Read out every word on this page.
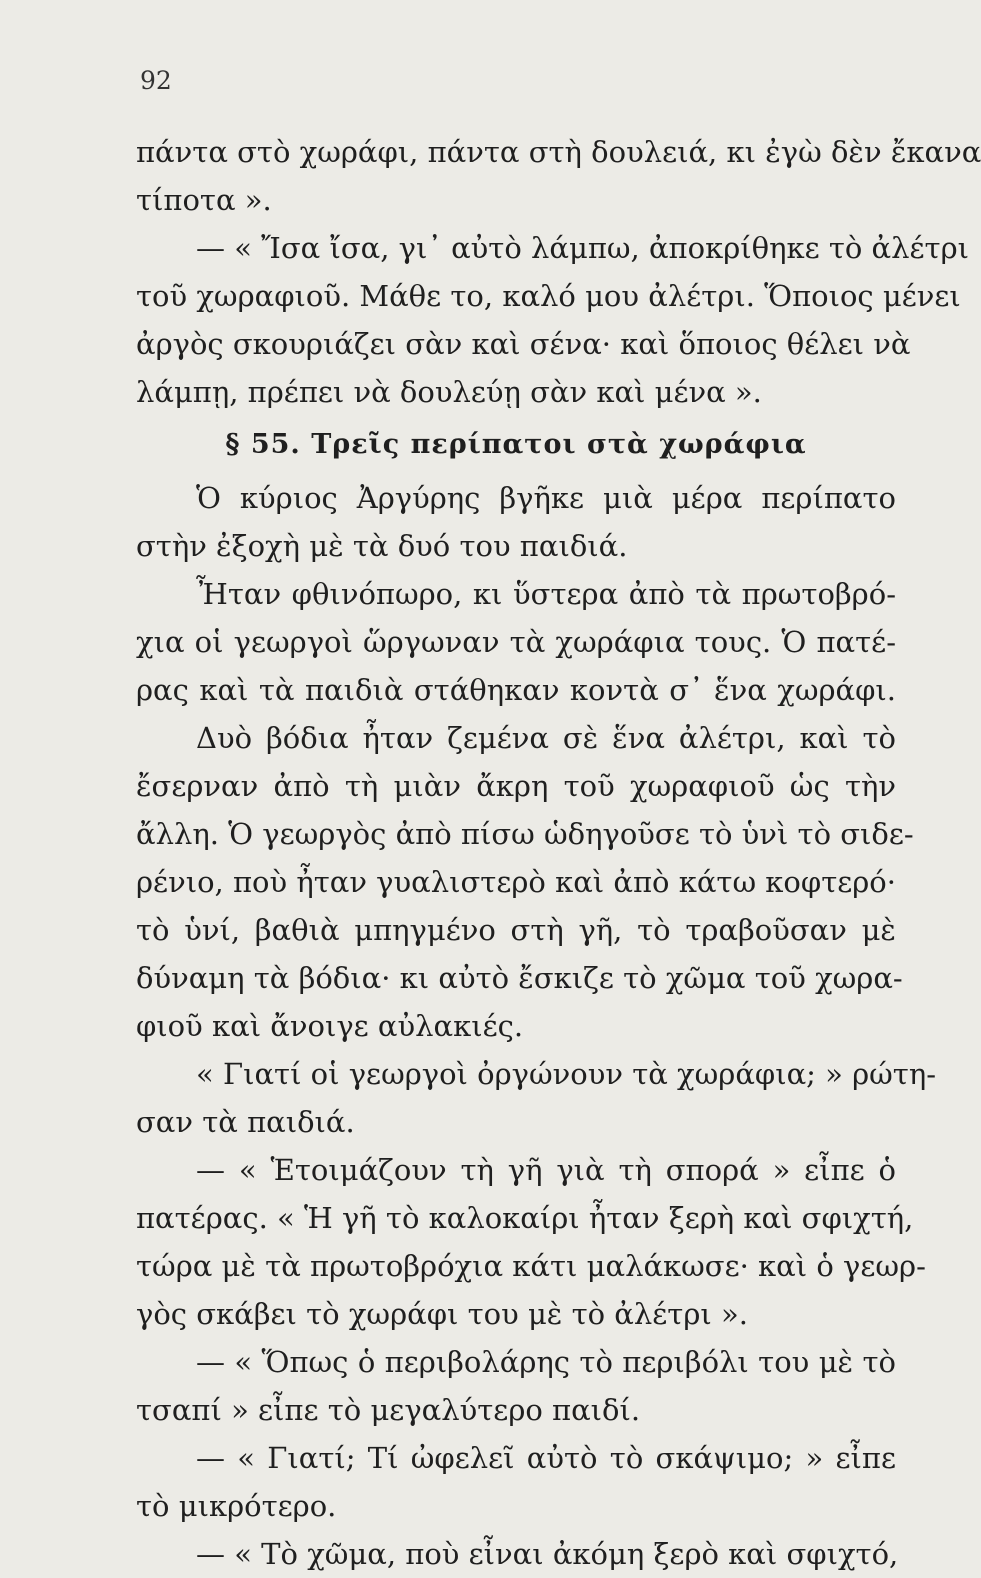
92
πάντα στὸ χωράφι, πάντα στὴ δουλειά, κι ἐγὼ δὲν ἔκανα
τίποτα ».
— « Ἴσα ἴσα, γι᾿ αὐτὸ λάμπω, ἀποκρίθηκε τὸ ἀλέτρι
τοῦ χωραφιοῦ. Μάθε το, καλό μου ἀλέτρι. Ὅποιος μένει
ἀργὸς σκουριάζει σὰν καὶ σένα· καὶ ὅποιος θέλει νὰ
λάμπῃ, πρέπει νὰ δουλεύῃ σὰν καὶ μένα ».
§ 55. Τρεῖς περίπατοι στὰ χωράφια
Ὁ κύριος Ἀργύρης βγῆκε μιὰ μέρα περίπατο
στὴν ἐξοχὴ μὲ τὰ δυό του παιδιά.
Ἦταν φθινόπωρο, κι ὕστερα ἀπὸ τὰ πρωτοβρό-
χια οἱ γεωργοὶ ὥργωναν τὰ χωράφια τους. Ὁ πατέ-
ρας καὶ τὰ παιδιὰ στάθηκαν κοντὰ σ᾿ ἕνα χωράφι.
Δυὸ βόδια ἦταν ζεμένα σὲ ἕνα ἀλέτρι, καὶ τὸ
ἔσερναν ἀπὸ τὴ μιὰν ἄκρη τοῦ χωραφιοῦ ὡς τὴν
ἄλλη. Ὁ γεωργὸς ἀπὸ πίσω ὡδηγοῦσε τὸ ὑνὶ τὸ σιδε-
ρένιο, ποὺ ἦταν γυαλιστερὸ καὶ ἀπὸ κάτω κοφτερό·
τὸ ὑνί, βαθιὰ μπηγμένο στὴ γῆ, τὸ τραβοῦσαν μὲ
δύναμη τὰ βόδια· κι αὐτὸ ἔσκιζε τὸ χῶμα τοῦ χωρα-
φιοῦ καὶ ἄνοιγε αὐλακιές.
« Γιατί οἱ γεωργοὶ ὀργώνουν τὰ χωράφια; » ρώτη-
σαν τὰ παιδιά.
— « Ἑτοιμάζουν τὴ γῆ γιὰ τὴ σπορά » εἶπε ὁ
πατέρας. « Ἡ γῆ τὸ καλοκαίρι ἦταν ξερὴ καὶ σφιχτή,
τώρα μὲ τὰ πρωτοβρόχια κάτι μαλάκωσε· καὶ ὁ γεωρ-
γὸς σκάβει τὸ χωράφι του μὲ τὸ ἀλέτρι ».
— « Ὅπως ὁ περιβολάρης τὸ περιβόλι του μὲ τὸ
τσαπί » εἶπε τὸ μεγαλύτερο παιδί.
— « Γιατί; Τί ὠφελεῖ αὐτὸ τὸ σκάψιμο; » εἶπε
τὸ μικρότερο.
— « Τὸ χῶμα, ποὺ εἶναι ἀκόμη ξερὸ καὶ σφιχτό,
